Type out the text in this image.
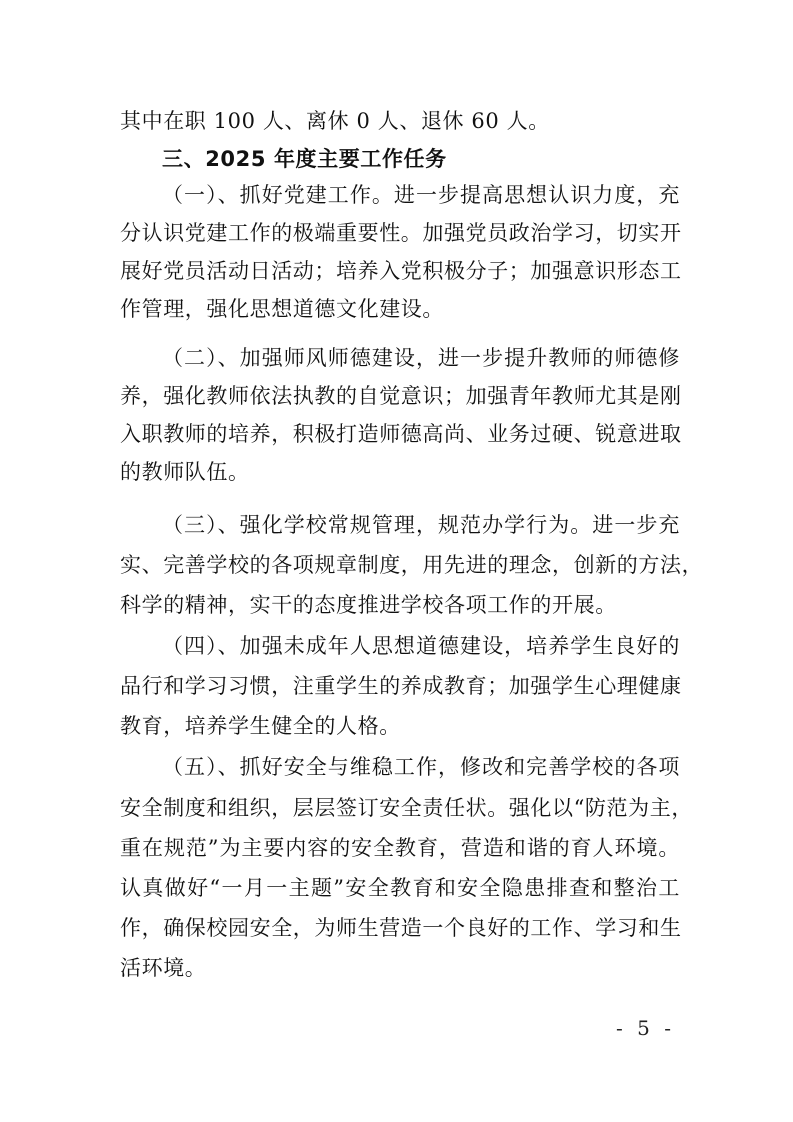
其中在职 100 人、离休 0 人、退休 60 人。
三、2025 年度主要工作任务
（一）、抓好党建工作。进一步提高思想认识力度，充
分认识党建工作的极端重要性。加强党员政治学习，切实开
展好党员活动日活动；培养入党积极分子；加强意识形态工
作管理，强化思想道德文化建设。
（二）、加强师风师德建设，进一步提升教师的师德修
养，强化教师依法执教的自觉意识；加强青年教师尤其是刚
入职教师的培养，积极打造师德高尚、业务过硬、锐意进取
的教师队伍。
（三）、强化学校常规管理，规范办学行为。进一步充
实、完善学校的各项规章制度，用先进的理念，创新的方法，
科学的精神，实干的态度推进学校各项工作的开展。
（四）、加强未成年人思想道德建设，培养学生良好的
品行和学习习惯，注重学生的养成教育；加强学生心理健康
教育，培养学生健全的人格。
（五）、抓好安全与维稳工作，修改和完善学校的各项
安全制度和组织，层层签订安全责任状。强化以“防范为主，
重在规范”为主要内容的安全教育，营造和谐的育人环境。
认真做好“一月一主题”安全教育和安全隐患排查和整治工
作，确保校园安全，为师生营造一个良好的工作、学习和生
活环境。
- 5 -
